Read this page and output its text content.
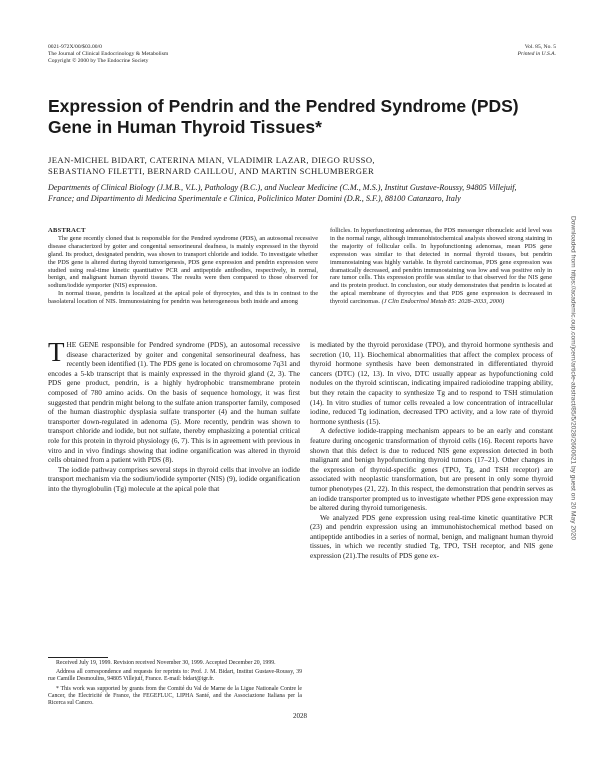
0021-972X/00/$03.00/0
The Journal of Clinical Endocrinology & Metabolism
Copyright © 2000 by The Endocrine Society
Vol. 85, No. 5
Printed in U.S.A.
Expression of Pendrin and the Pendred Syndrome (PDS) Gene in Human Thyroid Tissues*
JEAN-MICHEL BIDART, CATERINA MIAN, VLADIMIR LAZAR, DIEGO RUSSO,
SEBASTIANO FILETTI, BERNARD CAILLOU, AND MARTIN SCHLUMBERGER
Departments of Clinical Biology (J.M.B., V.L.), Pathology (B.C.), and Nuclear Medicine (C.M., M.S.), Institut Gustave-Roussy, 94805 Villejuif, France; and Dipartimento di Medicina Sperimentale e Clinica, Policlinico Mater Domini (D.R., S.F.), 88100 Catanzaro, Italy
ABSTRACT

The gene recently cloned that is responsible for the Pendred syndrome (PDS), an autosomal recessive disease characterized by goiter and congenital sensorineural deafness, is mainly expressed in the thyroid gland. Its product, designated pendrin, was shown to transport chloride and iodide. To investigate whether the PDS gene is altered during thyroid tumorigenesis, PDS gene expression and pendrin expression were studied using real-time kinetic quantitative PCR and antipeptide antibodies, respectively, in normal, benign, and malignant human thyroid tissues. The results were then compared to those observed for sodium/iodide symporter (NIS) expression.

In normal tissue, pendrin is localized at the apical pole of thyrocytes, and this is in contrast to the basolateral location of NIS. Immunostaining for pendrin was heterogeneous both inside and among

follicles. In hyperfunctioning adenomas, the PDS messenger ribonucleic acid level was in the normal range, although immunohistochemical analysis showed strong staining in the majority of follicular cells. In hypofunctioning adenomas, mean PDS gene expression was similar to that detected in normal thyroid tissues, but pendrin immunostaining was highly variable. In thyroid carcinomas, PDS gene expression was dramatically decreased, and pendrin immunostaining was low and was positive only in rare tumor cells. This expression profile was similar to that observed for the NIS gene and its protein product. In conclusion, our study demonstrates that pendrin is located at the apical membrane of thyrocytes and that PDS gene expression is decreased in thyroid carcinomas. (J Clin Endocrinol Metab 85: 2028–2033, 2000)

THE GENE responsible for Pendred syndrome (PDS), an autosomal recessive disease characterized by goiter and congenital sensorineural deafness, has recently been identified (1). The PDS gene is located on chromosome 7q31 and encodes a 5-kb transcript that is mainly expressed in the thyroid gland (2, 3). The PDS gene product, pendrin, is a highly hydrophobic transmembrane protein composed of 780 amino acids. On the basis of sequence homology, it was first suggested that pendrin might belong to the sulfate anion transporter family, composed of the human diastrophic dysplasia sulfate transporter (4) and the human sulfate transporter down-regulated in adenoma (5). More recently, pendrin was shown to transport chloride and iodide, but not sulfate, thereby emphasizing a potential critical role for this protein in thyroid physiology (6, 7). This is in agreement with previous in vitro and in vivo findings showing that iodine organification was altered in thyroid cells obtained from a patient with PDS (8).

The iodide pathway comprises several steps in thyroid cells that involve an iodide transport mechanism via the sodium/iodide symporter (NIS) (9), iodide organification into the thyroglobulin (Tg) molecule at the apical pole that

is mediated by the thyroid peroxidase (TPO), and thyroid hormone synthesis and secretion (10, 11). Biochemical abnormalities that affect the complex process of thyroid hormone synthesis have been demonstrated in differentiated thyroid cancers (DTC) (12, 13). In vivo, DTC usually appear as hypofunctioning cold nodules on the thyroid scintiscan, indicating impaired radioiodine trapping ability, but they retain the capacity to synthesize Tg and to respond to TSH stimulation (14). In vitro studies of tumor cells revealed a low concentration of intracellular iodine, reduced Tg iodination, decreased TPO activity, and a low rate of thyroid hormone synthesis (15).

A defective iodide-trapping mechanism appears to be an early and constant feature during oncogenic transformation of thyroid cells (16). Recent reports have shown that this defect is due to reduced NIS gene expression detected in both malignant and benign hypofunctioning thyroid tumors (17–21). Other changes in the expression of thyroid-specific genes (TPO, Tg, and TSH receptor) are associated with neoplastic transformation, but are present in only some thyroid tumor phenotypes (21, 22). In this respect, the demonstration that pendrin serves as an iodide transporter prompted us to investigate whether PDS gene expression may be altered during thyroid tumorigenesis.

We analyzed PDS gene expression using real-time kinetic quantitative PCR (23) and pendrin expression using an immunohistochemical method based on antipeptide antibodies in a series of normal, benign, and malignant human thyroid tissues, in which we recently studied Tg, TPO, TSH receptor, and NIS gene expression (21).The results of PDS gene ex-

Received July 19, 1999. Revision received November 30, 1999. Accepted December 20, 1999.

Address all correspondence and requests for reprints to: Prof. J. M. Bidart, Institut Gustave-Roussy, 39 rue Camille Desmoulins, 94805 Villejuif, France. E-mail: bidart@igr.fr.

* This work was supported by grants from the Comité du Val de Marne de la Ligue Nationale Contre le Cancer, the Electricité de France, the FEGEFLUC, LIPHA Santé, and the Associazione Italiana per la Ricerca sul Cancro.

2028
Downloaded from https://academic.oup.com/jcem/article-abstract/85/5/2028/2660621 by guest on 20 May 2020
